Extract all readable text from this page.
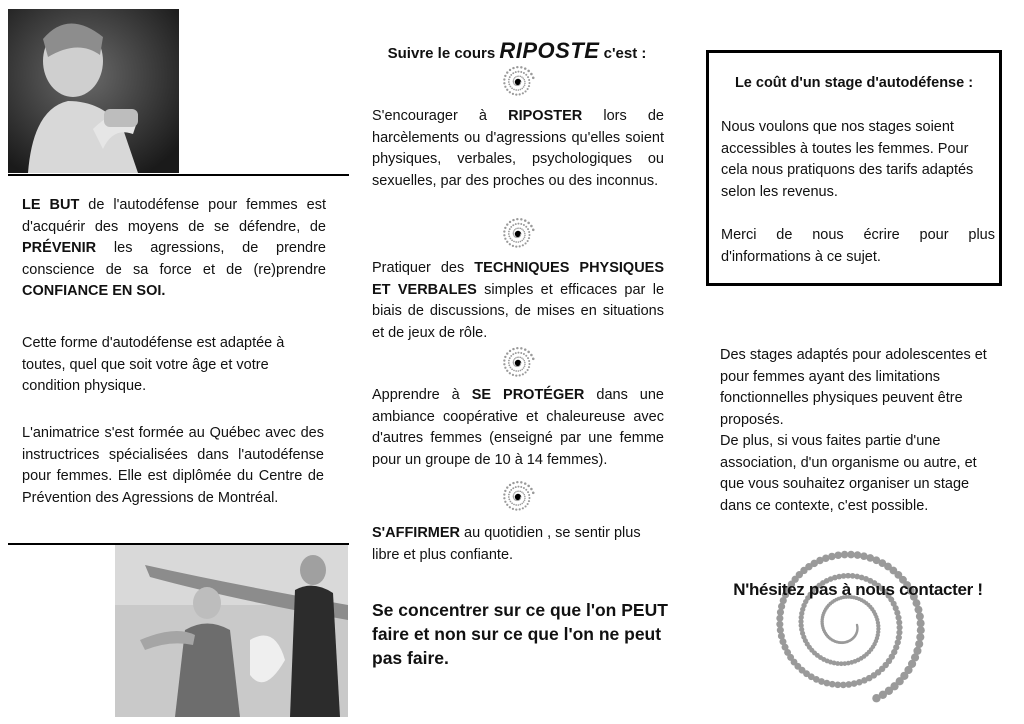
LE BUT de l'autodéfense pour femmes est d'acquérir des moyens de se défendre, de PRÉVENIR les agressions, de prendre conscience de sa force et de (re)prendre CONFIANCE EN SOI.
Cette forme d'autodéfense est adaptée à toutes, quel que soit votre âge et votre condition physique.
L'animatrice s'est formée au Québec avec des instructrices spécialisées dans l'autodéfense pour femmes. Elle est diplômée du Centre de Prévention des Agressions de Montréal.
Suivre le cours RIPOSTE c'est :
S'encourager à RIPOSTER lors de harcèlements ou d'agressions qu'elles soient physiques, verbales, psychologiques ou sexuelles, par des proches ou des inconnus.
Pratiquer des TECHNIQUES PHYSIQUES ET VERBALES simples et efficaces par le biais de discussions, de mises en situations et de jeux de rôle.
Apprendre à SE PROTÉGER dans une ambiance coopérative et chaleureuse avec d'autres femmes (enseigné par une femme pour un groupe de 10 à 14 femmes).
S'AFFIRMER au quotidien , se sentir plus libre et plus confiante.
Se concentrer sur ce que l'on PEUT faire et non sur ce que l'on ne peut pas faire.
Le coût d'un stage d'autodéfense :
Nous voulons que nos stages soient accessibles à toutes les femmes. Pour cela nous pratiquons des tarifs adaptés selon les revenus.
Merci de nous écrire pour plus d'informations à ce sujet.
Des stages adaptés pour adolescentes et pour femmes ayant des limitations fonctionnelles physiques peuvent être proposés.
De plus, si vous faites partie d'une association, d'un organisme ou autre, et que vous souhaitez organiser un stage dans ce contexte, c'est possible.
N'hésitez pas à nous contacter !
